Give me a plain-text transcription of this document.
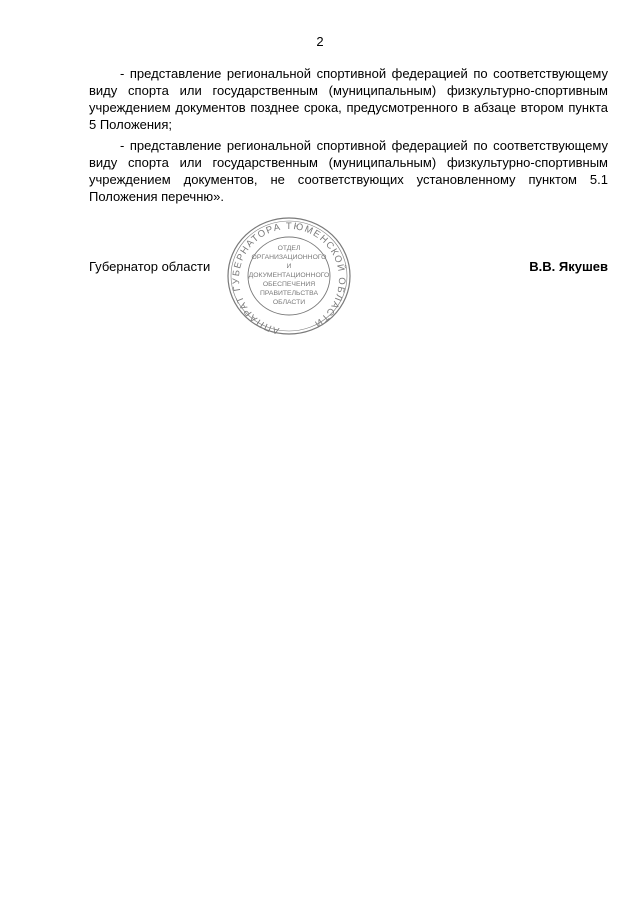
2

- представление региональной спортивной федерацией по соответствующему виду спорта или государственным (муниципальным) физкультурно-спортивным учреждением документов позднее срока, предусмотренного в абзаце втором пункта 5 Положения;

- представление региональной спортивной федерацией по соответствующему виду спорта или государственным (муниципальным) физкультурно-спортивным учреждением документов, не соответствующих установленному пунктом 5.1 Положения перечню».

Губернатор области	В.В. Якушев
АППАРАТ ГУБЕРНАТОРА ТЮМЕНСКОЙ ОБЛАСТИ
ОТДЕЛ
ОРГАНИЗАЦИОННОГО
И
ДОКУМЕНТАЦИОННОГО
ОБЕСПЕЧЕНИЯ
ПРАВИТЕЛЬСТВА
ОБЛАСТИ
